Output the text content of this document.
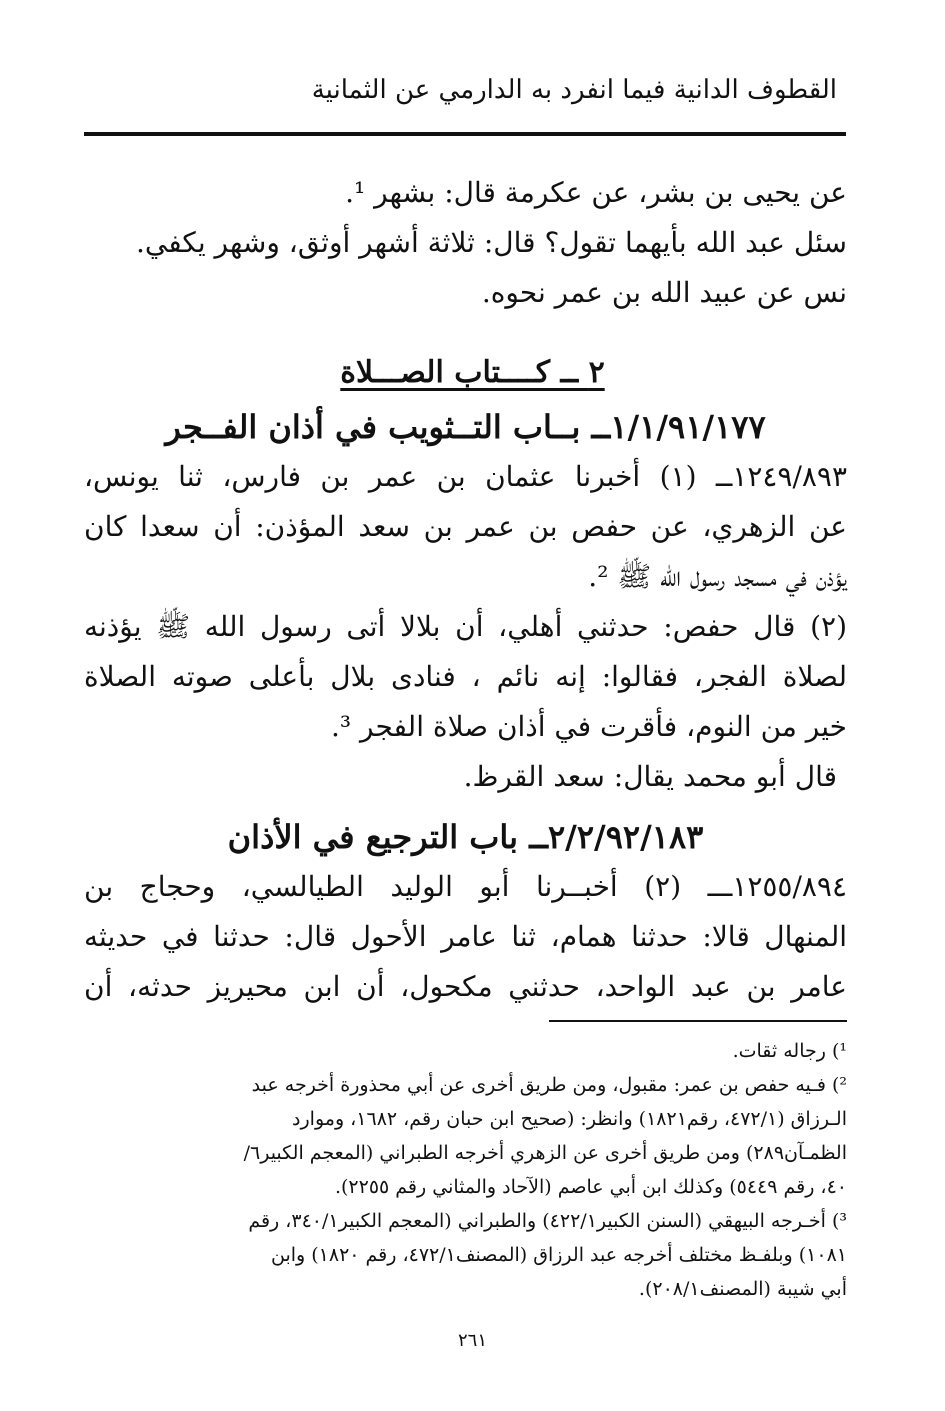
القطوف الدانية فيما انفرد به الدارمي عن الثمانية
عن يحيى بن بشر، عن عكرمة قال: بشهر ¹.
سئل عبد الله بأيهما تقول؟ قال: ثلاثة أشهر أوثق، وشهر يكفي.
نس عن عبيد الله بن عمر نحوه.
٢ ــ كــــتاب الصـــلاة
١/١/٩١/١٧٧ــ بــاب التــثويب في أذان الفــجر
١٢٤٩/٨٩٣ــ (١) أخبرنا عثمان بن عمر بن فارس، ثنا يونس،
عن الزهري، عن حفص بن عمر بن سعد المؤذن: أن سعدا كان
يؤذن في مسجد رسول الله ﷺ ².
(٢) قال حفص: حدثني أهلي، أن بلالا أتى رسول الله ﷺ يؤذنه
لصلاة الفجر، فقالوا: إنه نائم ، فنادى بلال بأعلى صوته الصلاة
خير من النوم، فأقرت في أذان صلاة الفجر ³.
قال أبو محمد يقال: سعد القرظ.
٢/٢/٩٢/١٨٣ــ باب الترجيع في الأذان
١٢٥٥/٨٩٤ـــ (٢) أخبــرنا أبو الوليد الطيالسي، وحجاج بن
المنهال قالا: حدثنا همام، ثنا عامر الأحول قال: حدثنا في حديثه
عامر بن عبد الواحد، حدثني مكحول، أن ابن محيريز حدثه، أن
¹) رجاله ثقات.
²) فـيه حفص بن عمر: مقبول، ومن طريق أخرى عن أبي محذورة أخرجه عبد
الـرزاق (٤٧٢/١، رقم١٨٢١) وانظر: (صحيح ابن حبان رقم، ١٦٨٢، وموارد
الظمـآن٢٨٩) ومن طريق أخرى عن الزهري أخرجه الطبراني (المعجم الكبير٦/
٤٠، رقم ٥٤٤٩) وكذلك ابن أبي عاصم (الآحاد والمثاني رقم ٢٢٥٥).
³) أخـرجه البيهقي (السنن الكبير٤٢٢/١) والطبراني (المعجم الكبير٣٤٠/١، رقم
١٠٨١) وبلفـظ مختلف أخرجه عبد الرزاق (المصنف٤٧٢/١، رقم ١٨٢٠) وابن
أبي شيبة (المصنف٢٠٨/١).
٢٦١
